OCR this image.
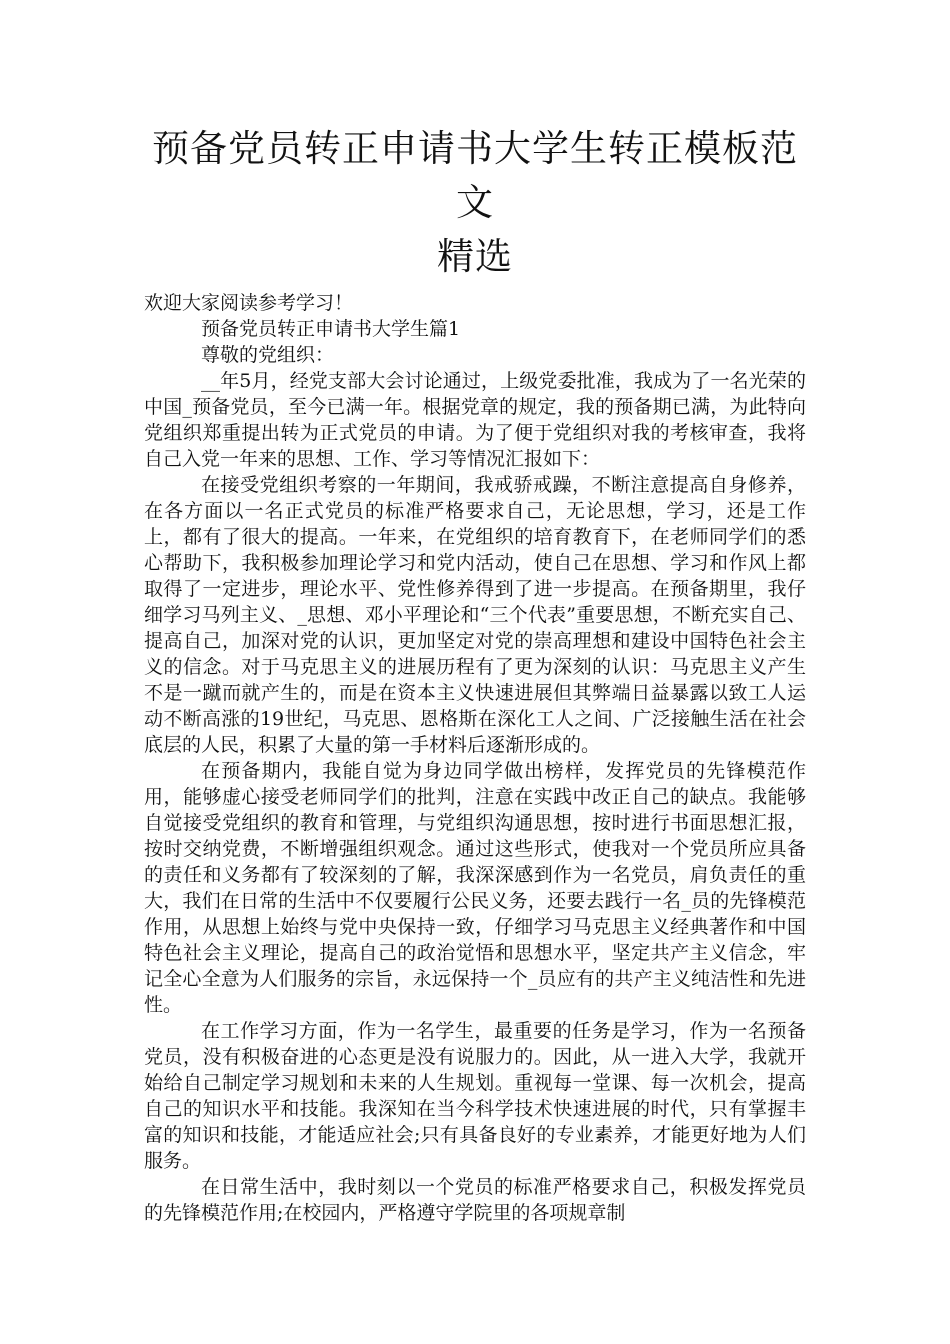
预备党员转正申请书大学生转正模板范文
精选

欢迎大家阅读参考学习！

预备党员转正申请书大学生篇1

尊敬的党组织：

__年5月，经党支部大会讨论通过，上级党委批准，我成为了一名光荣的中国_预备党员，至今已满一年。根据党章的规定，我的预备期已满，为此特向党组织郑重提出转为正式党员的申请。为了便于党组织对我的考核审查，我将自己入党一年来的思想、工作、学习等情况汇报如下：

在接受党组织考察的一年期间，我戒骄戒躁，不断注意提高自身修养，在各方面以一名正式党员的标准严格要求自己，无论思想，学习，还是工作上，都有了很大的提高。一年来，在党组织的培育教育下，在老师同学们的悉心帮助下，我积极参加理论学习和党内活动，使自己在思想、学习和作风上都取得了一定进步，理论水平、党性修养得到了进一步提高。在预备期里，我仔细学习马列主义、_思想、邓小平理论和“三个代表”重要思想，不断充实自己、提高自己，加深对党的认识，更加坚定对党的崇高理想和建设中国特色社会主义的信念。对于马克思主义的进展历程有了更为深刻的认识：马克思主义产生不是一蹴而就产生的，而是在资本主义快速进展但其弊端日益暴露以致工人运动不断高涨的19世纪，马克思、恩格斯在深化工人之间、广泛接触生活在社会底层的人民，积累了大量的第一手材料后逐渐形成的。

在预备期内，我能自觉为身边同学做出榜样，发挥党员的先锋模范作用，能够虚心接受老师同学们的批判，注意在实践中改正自己的缺点。我能够自觉接受党组织的教育和管理，与党组织沟通思想，按时进行书面思想汇报，按时交纳党费，不断增强组织观念。通过这些形式，使我对一个党员所应具备的责任和义务都有了较深刻的了解，我深深感到作为一名党员，肩负责任的重大，我们在日常的生活中不仅要履行公民义务，还要去践行一名_员的先锋模范作用，从思想上始终与党中央保持一致，仔细学习马克思主义经典著作和中国特色社会主义理论，提高自己的政治觉悟和思想水平，坚定共产主义信念，牢记全心全意为人们服务的宗旨，永远保持一个_员应有的共产主义纯洁性和先进性。

在工作学习方面，作为一名学生，最重要的任务是学习，作为一名预备党员，没有积极奋进的心态更是没有说服力的。因此，从一进入大学，我就开始给自己制定学习规划和未来的人生规划。重视每一堂课、每一次机会，提高自己的知识水平和技能。我深知在当今科学技术快速进展的时代，只有掌握丰富的知识和技能，才能适应社会;只有具备良好的专业素养，才能更好地为人们服务。

在日常生活中，我时刻以一个党员的标准严格要求自己，积极发挥党员的先锋模范作用;在校园内，严格遵守学院里的各项规章制
